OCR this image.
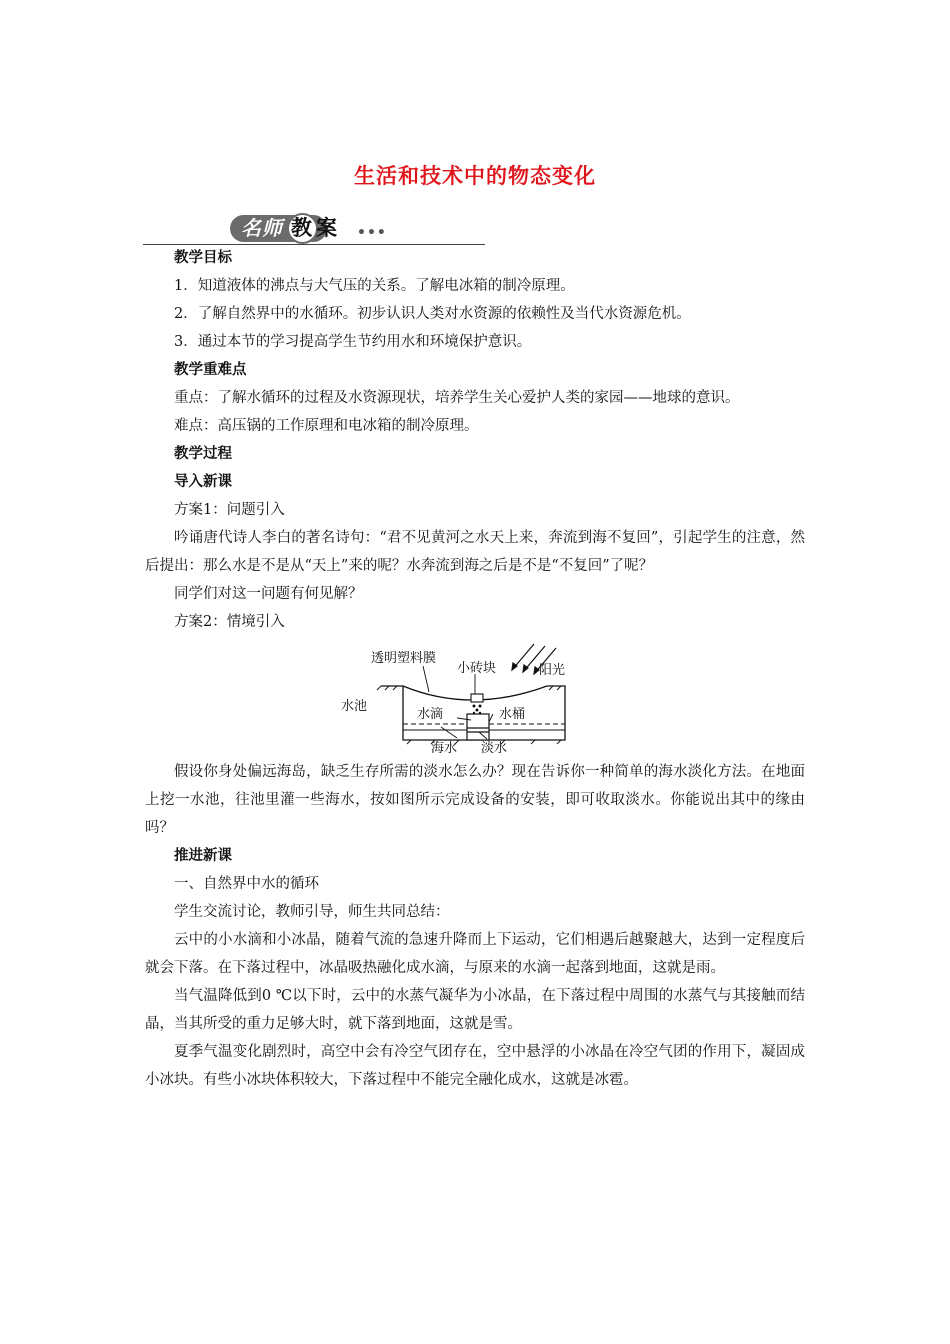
生活和技术中的物态变化
名师 教案 •••

教学目标

1．知道液体的沸点与大气压的关系。了解电冰箱的制冷原理。

2．了解自然界中的水循环。初步认识人类对水资源的依赖性及当代水资源危机。

3．通过本节的学习提高学生节约用水和环境保护意识。

教学重难点

重点：了解水循环的过程及水资源现状，培养学生关心爱护人类的家园——地球的意识。

难点：高压锅的工作原理和电冰箱的制冷原理。

教学过程

导入新课

方案1：问题引入

吟诵唐代诗人李白的著名诗句：“君不见黄河之水天上来，奔流到海不复回”，引起学生的注意，然后提出：那么水是不是从“天上”来的呢？水奔流到海之后是不是“不复回”了呢？

同学们对这一问题有何见解？

方案2：情境引入

透明塑料膜
小砖块	阳光
水池
水滴	水桶
海水 淡水

假设你身处偏远海岛，缺乏生存所需的淡水怎么办？现在告诉你一种简单的海水淡化方法。在地面上挖一水池，往池里灌一些海水，按如图所示完成设备的安装，即可收取淡水。你能说出其中的缘由吗？

推进新课

一、自然界中水的循环

学生交流讨论，教师引导，师生共同总结：

云中的小水滴和小冰晶，随着气流的急速升降而上下运动，它们相遇后越聚越大，达到一定程度后就会下落。在下落过程中，冰晶吸热融化成水滴，与原来的水滴一起落到地面，这就是雨。

当气温降低到0 ℃以下时，云中的水蒸气凝华为小冰晶，在下落过程中周围的水蒸气与其接触而结晶，当其所受的重力足够大时，就下落到地面，这就是雪。

夏季气温变化剧烈时，高空中会有冷空气团存在，空中悬浮的小冰晶在冷空气团的作用下，凝固成小冰块。有些小冰块体积较大，下落过程中不能完全融化成水，这就是冰雹。
